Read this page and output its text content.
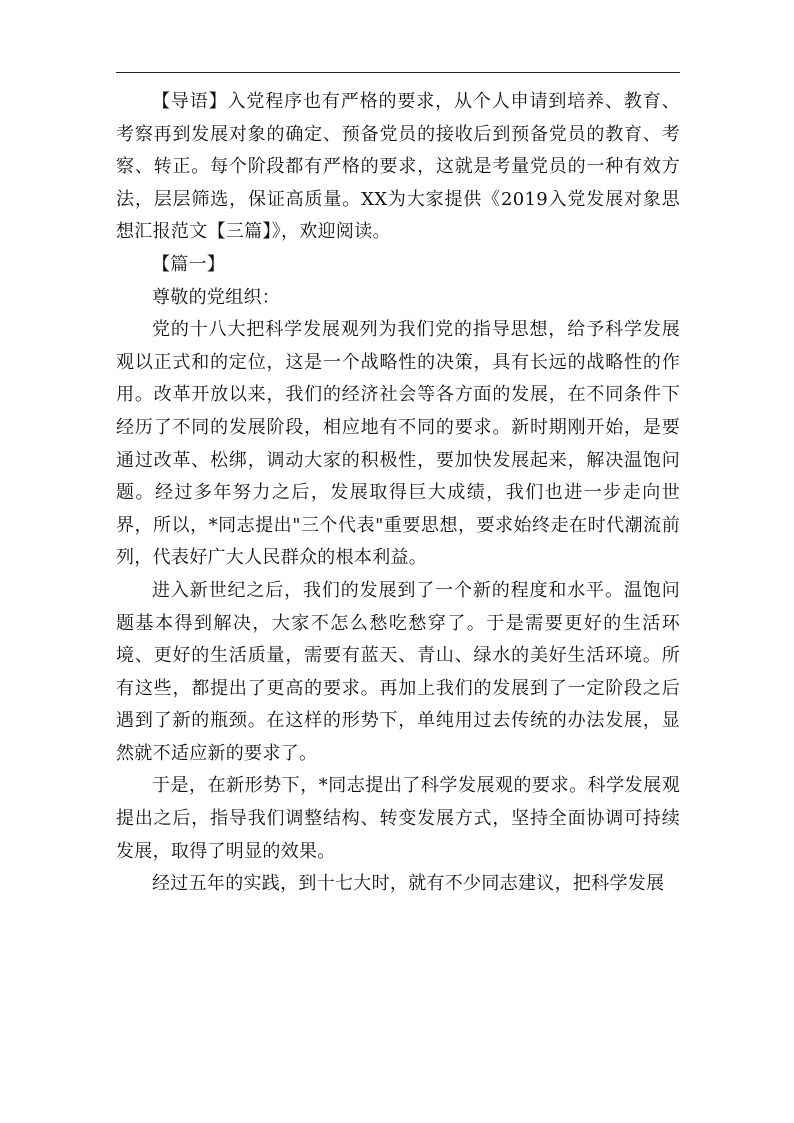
【导语】入党程序也有严格的要求，从个人申请到培养、教育、考察再到发展对象的确定、预备党员的接收后到预备党员的教育、考察、转正。每个阶段都有严格的要求，这就是考量党员的一种有效方法，层层筛选，保证高质量。XX为大家提供《2019入党发展对象思想汇报范文【三篇】》，欢迎阅读。

【篇一】

尊敬的党组织：

党的十八大把科学发展观列为我们党的指导思想，给予科学发展观以正式和的定位，这是一个战略性的决策，具有长远的战略性的作用。改革开放以来，我们的经济社会等各方面的发展，在不同条件下经历了不同的发展阶段，相应地有不同的要求。新时期刚开始，是要通过改革、松绑，调动大家的积极性，要加快发展起来，解决温饱问题。经过多年努力之后，发展取得巨大成绩，我们也进一步走向世界，所以，*同志提出"三个代表"重要思想，要求始终走在时代潮流前列，代表好广大人民群众的根本利益。

进入新世纪之后，我们的发展到了一个新的程度和水平。温饱问题基本得到解决，大家不怎么愁吃愁穿了。于是需要更好的生活环境、更好的生活质量，需要有蓝天、青山、绿水的美好生活环境。所有这些，都提出了更高的要求。再加上我们的发展到了一定阶段之后遇到了新的瓶颈。在这样的形势下，单纯用过去传统的办法发展，显然就不适应新的要求了。

于是，在新形势下，*同志提出了科学发展观的要求。科学发展观提出之后，指导我们调整结构、转变发展方式，坚持全面协调可持续发展，取得了明显的效果。

经过五年的实践，到十七大时，就有不少同志建议，把科学发展
